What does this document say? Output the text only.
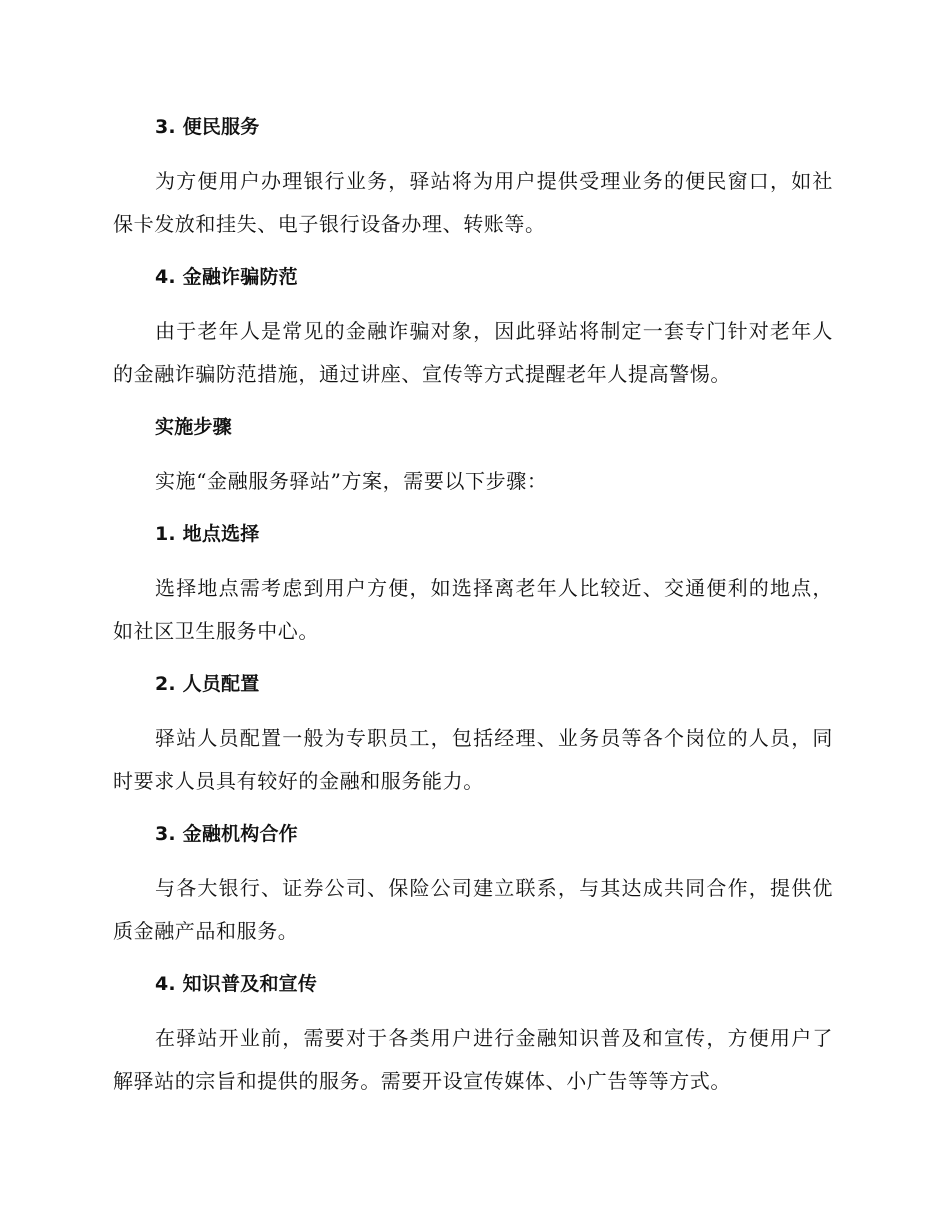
3. 便民服务

为方便用户办理银行业务，驿站将为用户提供受理业务的便民窗口，如社保卡发放和挂失、电子银行设备办理、转账等。

4. 金融诈骗防范

由于老年人是常见的金融诈骗对象，因此驿站将制定一套专门针对老年人的金融诈骗防范措施，通过讲座、宣传等方式提醒老年人提高警惕。

实施步骤

实施“金融服务驿站”方案，需要以下步骤：

1. 地点选择

选择地点需考虑到用户方便，如选择离老年人比较近、交通便利的地点，如社区卫生服务中心。

2. 人员配置

驿站人员配置一般为专职员工，包括经理、业务员等各个岗位的人员，同时要求人员具有较好的金融和服务能力。

3. 金融机构合作

与各大银行、证券公司、保险公司建立联系，与其达成共同合作，提供优质金融产品和服务。

4. 知识普及和宣传

在驿站开业前，需要对于各类用户进行金融知识普及和宣传，方便用户了解驿站的宗旨和提供的服务。需要开设宣传媒体、小广告等等方式。
